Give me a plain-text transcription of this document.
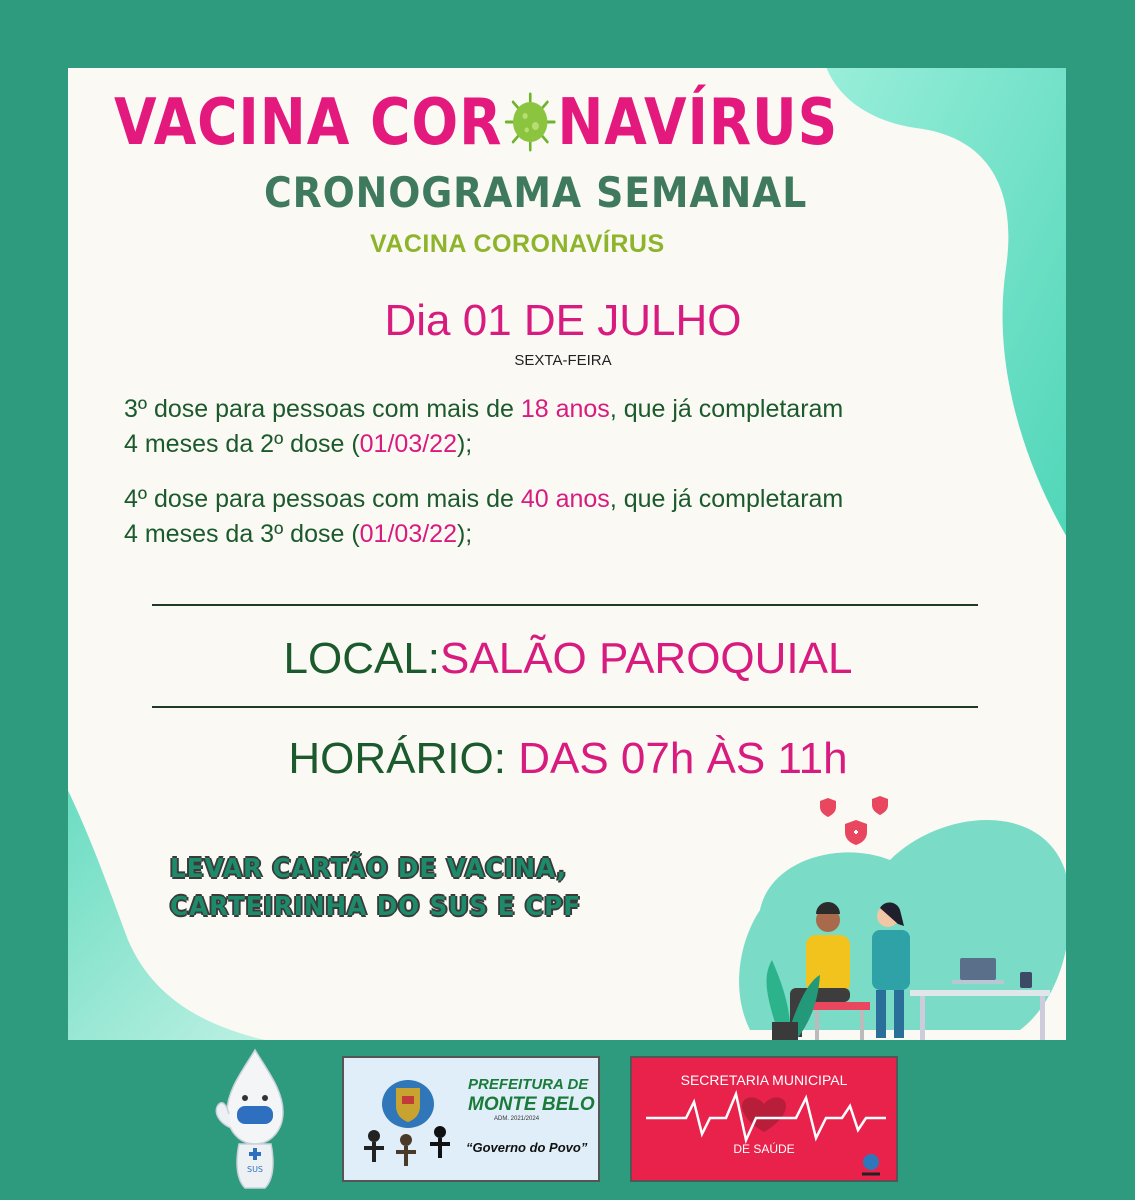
VACINA COR NAVÍRUS
CRONOGRAMA SEMANAL
VACINA CORONAVÍRUS
Dia 01 DE JULHO
SEXTA-FEIRA
3º dose para pessoas com mais de 18 anos, que já completaram
4 meses da 2º dose (01/03/22);
4º dose para pessoas com mais de 40 anos, que já completaram
4 meses da 3º dose (01/03/22);
LOCAL:SALÃO PAROQUIAL
HORÁRIO: DAS 07h ÀS 11h
LEVAR CARTÃO DE VACINA,
CARTEIRINHA DO SUS E CPF
SUS
PREFEITURA DE
MONTE BELO
ADM. 2021/2024
“Governo do Povo”
SECRETARIA MUNICIPAL
DE SAÚDE
